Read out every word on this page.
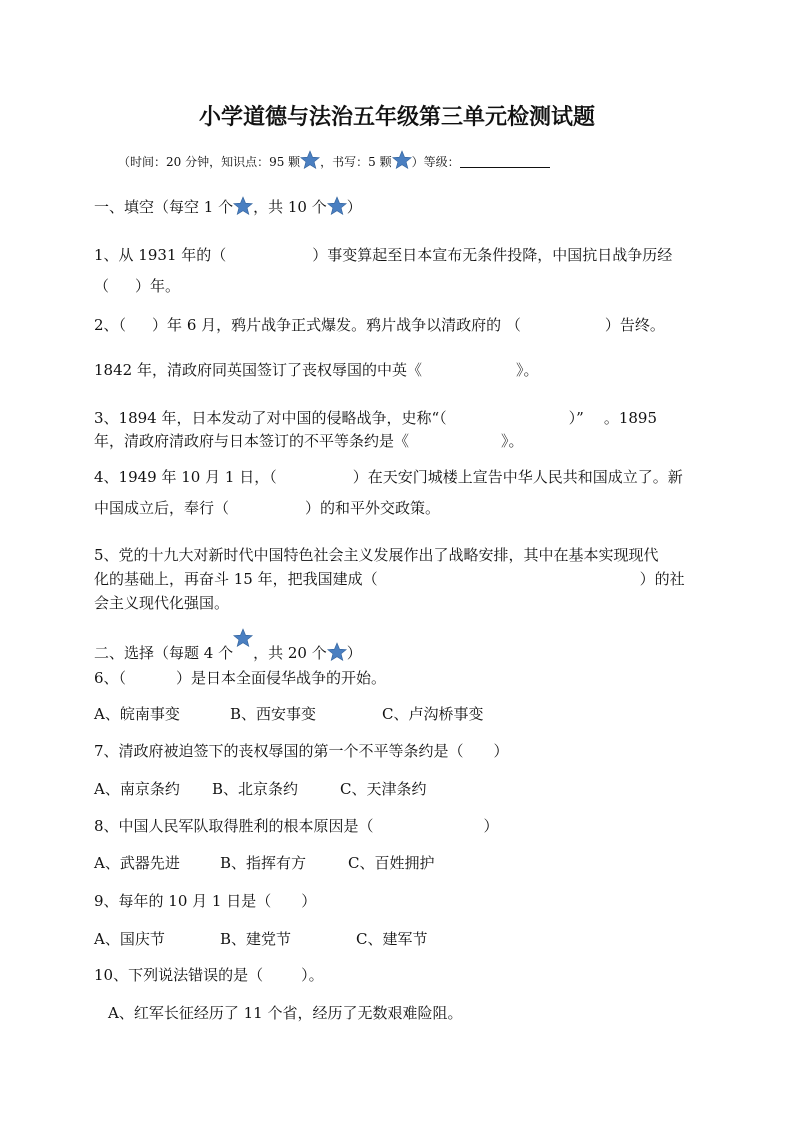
小学道德与法治五年级第三单元检测试题
（时间：20 分钟，知识点：95 颗 ，书写：5 颗 ）等级：
一、填空（每空 1 个 ，共 10 个 ）
1、从 1931 年的（	）事变算起至日本宣布无条件投降，中国抗日战争历经
（ ）年。
2、（ ）年 6 月，鸦片战争正式爆发。鸦片战争以清政府的 （	）告终。
1842 年，清政府同英国签订了丧权辱国的中英《	》。
3、1894 年，日本发动了对中国的侵略战争，史称“（	）” 。1895
年，清政府清政府与日本签订的不平等条约是《	》。
4、1949 年 10 月 1 日，（	）在天安门城楼上宣告中华人民共和国成立了。新
中国成立后，奉行（	）的和平外交政策。
5、党的十九大对新时代中国特色社会主义发展作出了战略安排，其中在基本实现现代
化的基础上，再奋斗 15 年，把我国建成（	）的社
会主义现代化强国。
二、选择（每题 4 个 ，共 20 个 ）
6、（	）是日本全面侵华战争的开始。
A、皖南事变	B、西安事变	C、卢沟桥事变
7、清政府被迫签下的丧权辱国的第一个不平等条约是（ ）
A、南京条约 B、北京条约	C、天津条约
8、中国人民军队取得胜利的根本原因是（	）
A、武器先进	B、指挥有方	C、百姓拥护
9、每年的 10 月 1 日是（ ）
A、国庆节	B、建党节	C、建军节
10、下列说法错误的是（	）。
A、红军长征经历了 11 个省，经历了无数艰难险阻。
